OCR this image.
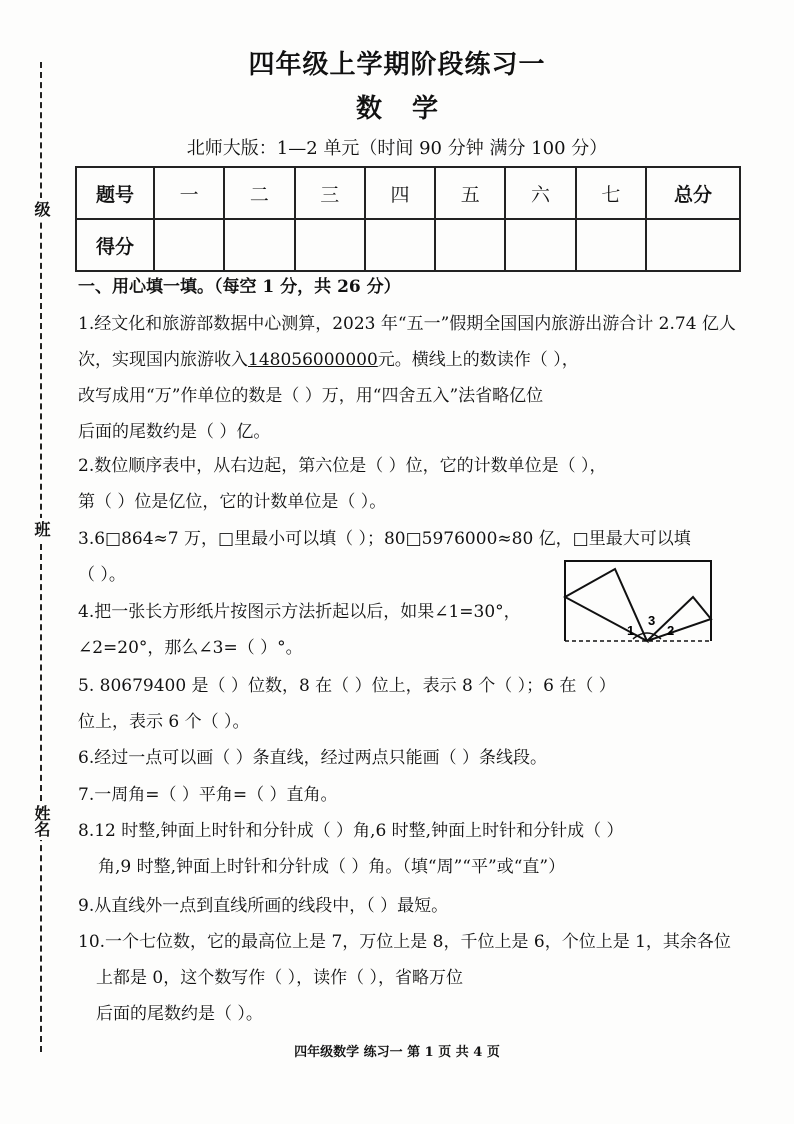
级
班
姓名
四年级上学期阶段练习一
数学
北师大版：1—2 单元（时间 90 分钟 满分 100 分）
题号	一	二	三	四	五	六	七	总分
得分								
一、用心填一填。（每空 1 分，共 26 分）
1.经文化和旅游部数据中心测算，2023 年“五一”假期全国国内旅游出游合计 2.74 亿人
次，实现国内旅游收入148056000000元。横线上的数读作（ ），
改写成用“万”作单位的数是（ ）万，用“四舍五入”法省略亿位
后面的尾数约是（ ）亿。
2.数位顺序表中，从右边起，第六位是（ ）位，它的计数单位是（ ），
第（ ）位是亿位，它的计数单位是（ ）。
3.6□864≈7 万，□里最小可以填（ ）；80□5976000≈80 亿，□里最大可以填
（ ）。
4.把一张长方形纸片按图示方法折起以后，如果∠1=30°，
∠2=20°，那么∠3=（ ）°。
1	2
3
5. 80679400 是（ ）位数，8 在（ ）位上，表示 8 个（ ）；6 在（ ）
位上，表示 6 个（ ）。
6.经过一点可以画（ ）条直线，经过两点只能画（ ）条线段。
7.一周角=（ ）平角=（ ）直角。
8.12 时整,钟面上时针和分针成（ ）角,6 时整,钟面上时针和分针成（ ）
角,9 时整,钟面上时针和分针成（ ）角。（填“周”“平”或“直”）
9.从直线外一点到直线所画的线段中，（ ）最短。
10.一个七位数，它的最高位上是 7，万位上是 8，千位上是 6，个位上是 1，其余各位
上都是 0，这个数写作（ ），读作（ ），省略万位
后面的尾数约是（ ）。
四年级数学 练习一 第 1 页 共 4 页
